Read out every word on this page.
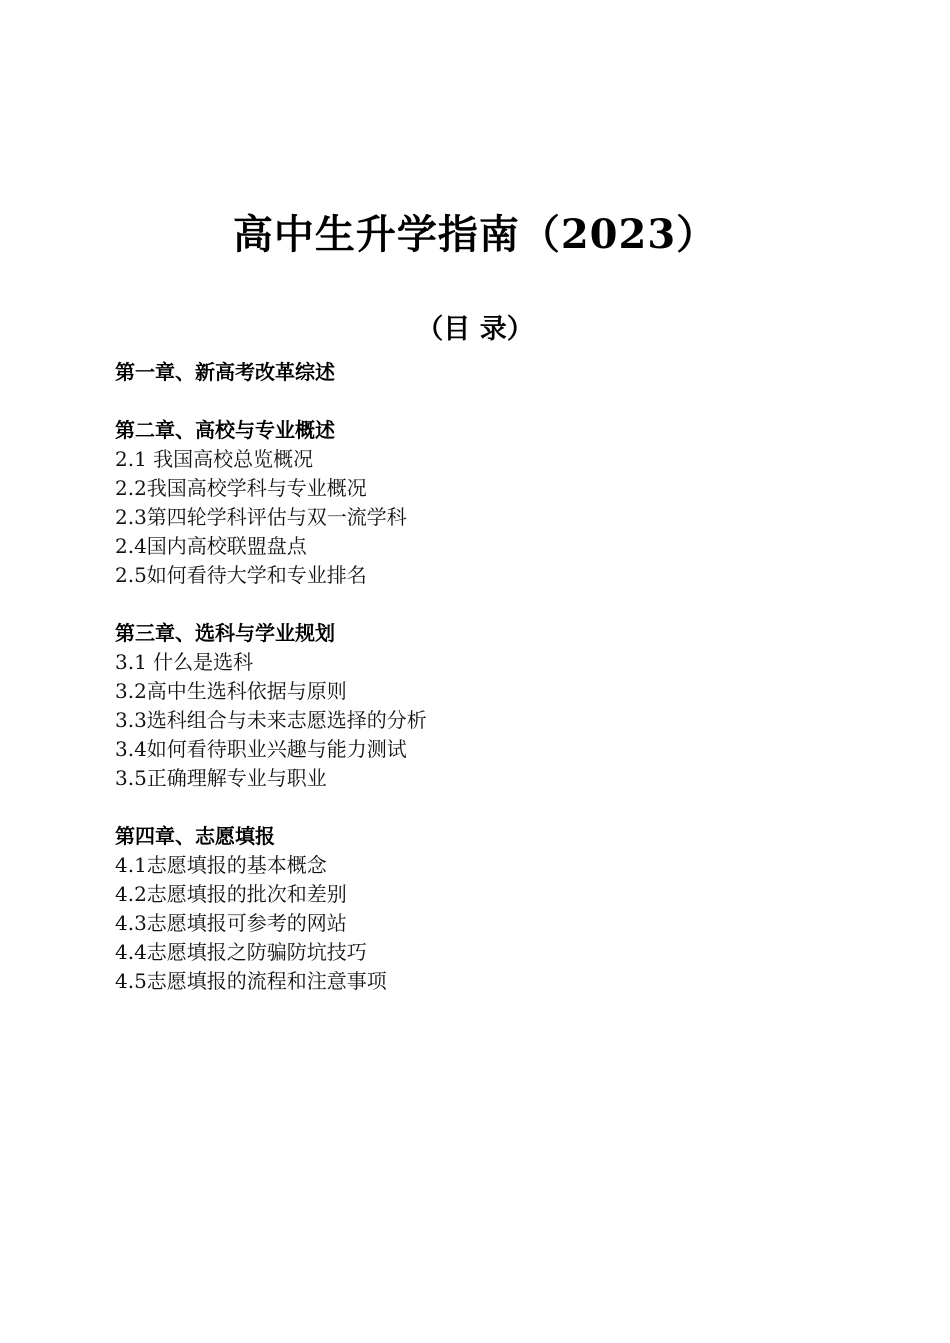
高中生升学指南（2023）
（目 录）
第一章、新高考改革综述
第二章、高校与专业概述
2.1 我国高校总览概况
2.2我国高校学科与专业概况
2.3第四轮学科评估与双一流学科
2.4国内高校联盟盘点
2.5如何看待大学和专业排名
第三章、选科与学业规划
3.1 什么是选科
3.2高中生选科依据与原则
3.3选科组合与未来志愿选择的分析
3.4如何看待职业兴趣与能力测试
3.5正确理解专业与职业
第四章、志愿填报
4.1志愿填报的基本概念
4.2志愿填报的批次和差别
4.3志愿填报可参考的网站
4.4志愿填报之防骗防坑技巧
4.5志愿填报的流程和注意事项
